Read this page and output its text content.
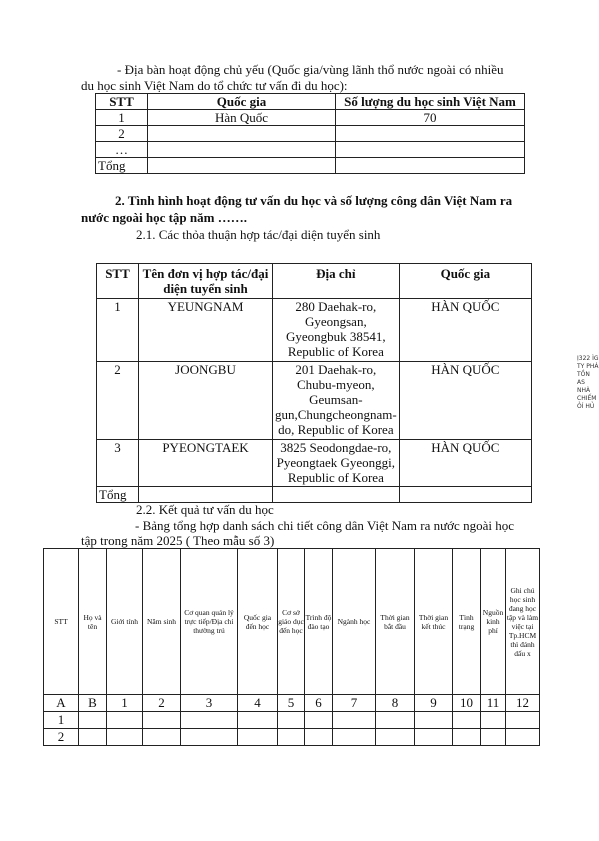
- Địa bàn hoạt động chủ yếu (Quốc gia/vùng lãnh thổ nước ngoài có nhiều
du học sinh Việt Nam do tổ chức tư vấn đi du học):
STT	Quốc gia	Số lượng du học sinh Việt Nam
1	Hàn Quốc	70
2		
…		
Tổng		
2. Tình hình hoạt động tư vấn du học và số lượng công dân Việt Nam ra
nước ngoài học tập năm …….
2.1. Các thỏa thuận hợp tác/đại diện tuyển sinh
STT	Tên đơn vị hợp tác/đại diện tuyển sinh	Địa chỉ	Quốc gia
1	YEUNGNAM	280 Daehak-ro, Gyeongsan, Gyeongbuk 38541, Republic of Korea	HÀN QUỐC
2	JOONGBU	201 Daehak-ro, Chubu-myeon, Geumsan-gun,Chungcheongnam-do, Republic of Korea	HÀN QUỐC
3	PYEONGTAEK	3825 Seodongdae-ro, Pyeongtaek Gyeonggi, Republic of Korea	HÀN QUỐC
Tổng			
2.2. Kết quả tư vấn du học
- Bảng tổng hợp danh sách chi tiết công dân Việt Nam ra nước ngoài học
tập trong năm 2025 ( Theo mẫu số 3)
STT	Họ và tên	Giới tính	Năm sinh	Cơ quan quản lý trực tiếp/Địa chỉ thường trú	Quốc gia đến học	Cơ sở giáo dục đến học	Trình độ đào tạo	Ngành học	Thời gian bắt đầu	Thời gian kết thúc	Tình trạng	Nguồn kinh phí	Ghi chú học sinh đang học tập và làm việc tại Tp.HCM thì đánh dấu x
A	B	1	2	3	4	5	6	7	8	9	10	11	12
1													
2													
Ị322 ÌG TY PHÁ TỒN AS NHÀ CHIẾM ỎÍ HỦ
